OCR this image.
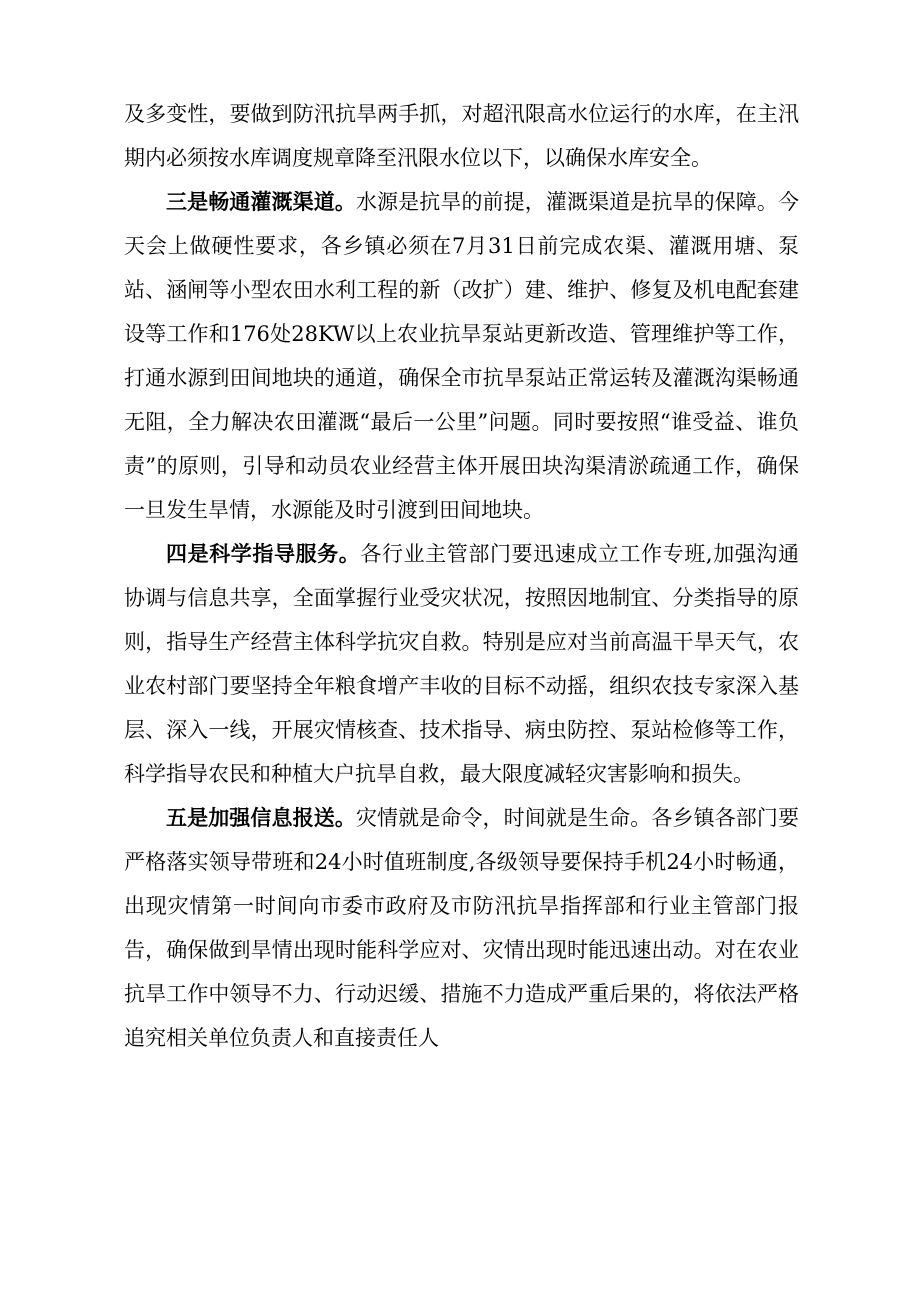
及多变性，要做到防汛抗旱两手抓，对超汛限高水位运行的水库，在主汛期内必须按水库调度规章降至汛限水位以下，以确保水库安全。

三是畅通灌溉渠道。水源是抗旱的前提，灌溉渠道是抗旱的保障。今天会上做硬性要求，各乡镇必须在7月31日前完成农渠、灌溉用塘、泵站、涵闸等小型农田水利工程的新（改扩）建、维护、修复及机电配套建设等工作和176处28KW以上农业抗旱泵站更新改造、管理维护等工作，打通水源到田间地块的通道，确保全市抗旱泵站正常运转及灌溉沟渠畅通无阻，全力解决农田灌溉“最后一公里”问题。同时要按照“谁受益、谁负责”的原则，引导和动员农业经营主体开展田块沟渠清淤疏通工作，确保一旦发生旱情，水源能及时引渡到田间地块。

四是科学指导服务。各行业主管部门要迅速成立工作专班,加强沟通协调与信息共享，全面掌握行业受灾状况，按照因地制宜、分类指导的原则，指导生产经营主体科学抗灾自救。特别是应对当前高温干旱天气，农业农村部门要坚持全年粮食增产丰收的目标不动摇，组织农技专家深入基层、深入一线，开展灾情核查、技术指导、病虫防控、泵站检修等工作，科学指导农民和种植大户抗旱自救，最大限度减轻灾害影响和损失。

五是加强信息报送。灾情就是命令，时间就是生命。各乡镇各部门要严格落实领导带班和24小时值班制度,各级领导要保持手机24小时畅通，出现灾情第一时间向市委市政府及市防汛抗旱指挥部和行业主管部门报告，确保做到旱情出现时能科学应对、灾情出现时能迅速出动。对在农业抗旱工作中领导不力、行动迟缓、措施不力造成严重后果的，将依法严格追究相关单位负责人和直接责任人
